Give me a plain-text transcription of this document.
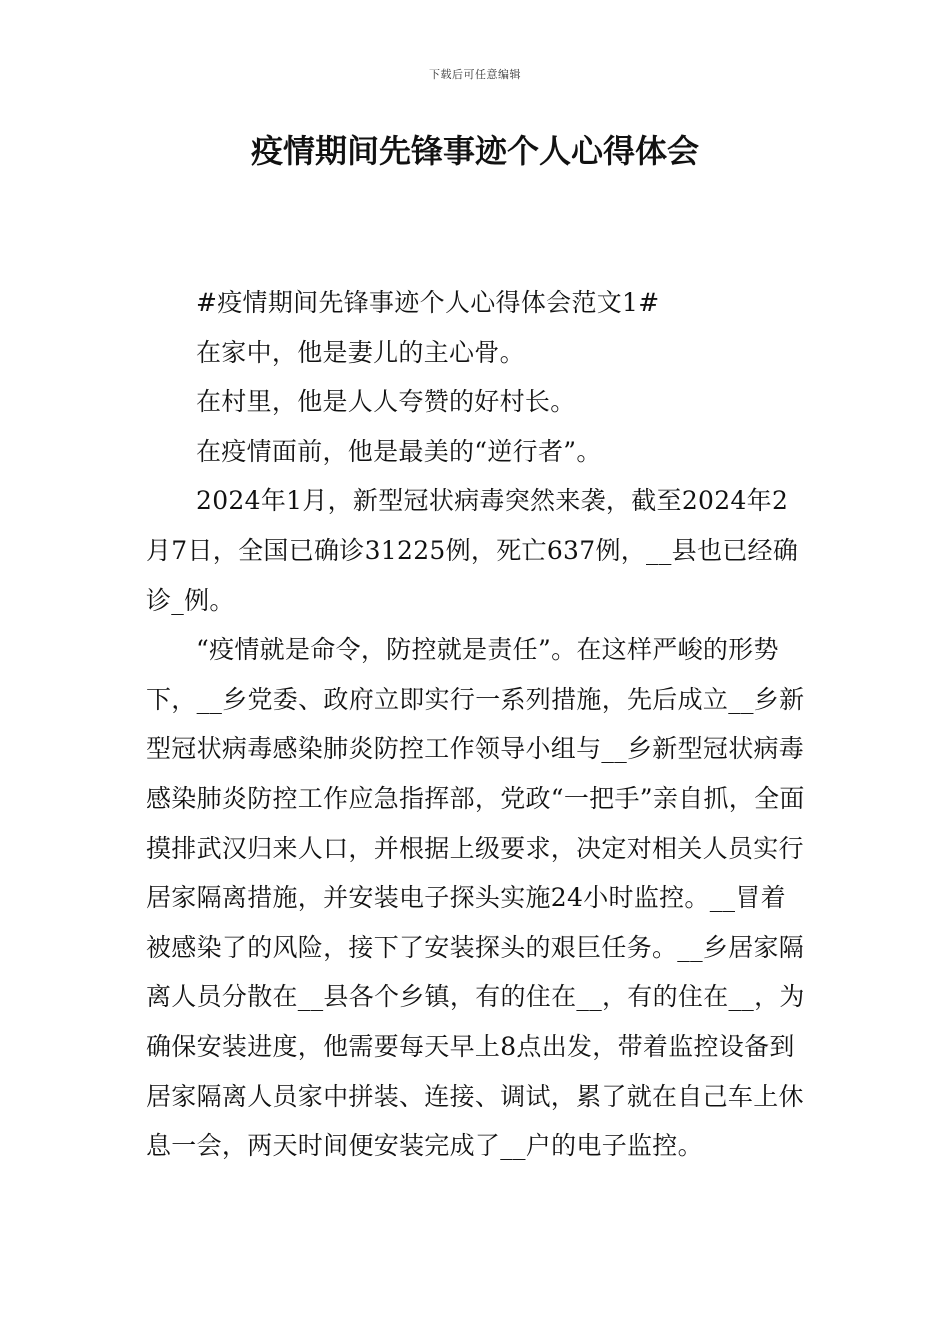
下载后可任意编辑
疫情期间先锋事迹个人心得体会

#疫情期间先锋事迹个人心得体会范文1#

在家中，他是妻儿的主心骨。

在村里，他是人人夸赞的好村长。

在疫情面前，他是最美的“逆行者”。

2024年1月，新型冠状病毒突然来袭，截至2024年2月7日，全国已确诊31225例，死亡637例，__县也已经确诊_例。

“疫情就是命令，防控就是责任”。在这样严峻的形势下，__乡党委、政府立即实行一系列措施，先后成立__乡新型冠状病毒感染肺炎防控工作领导小组与__乡新型冠状病毒感染肺炎防控工作应急指挥部，党政“一把手”亲自抓，全面摸排武汉归来人口，并根据上级要求，决定对相关人员实行居家隔离措施，并安装电子探头实施24小时监控。__冒着被感染了的风险，接下了安装探头的艰巨任务。__乡居家隔离人员分散在__县各个乡镇，有的住在__，有的住在__，为确保安装进度，他需要每天早上8点出发，带着监控设备到居家隔离人员家中拼装、连接、调试，累了就在自己车上休息一会，两天时间便安装完成了__户的电子监控。
